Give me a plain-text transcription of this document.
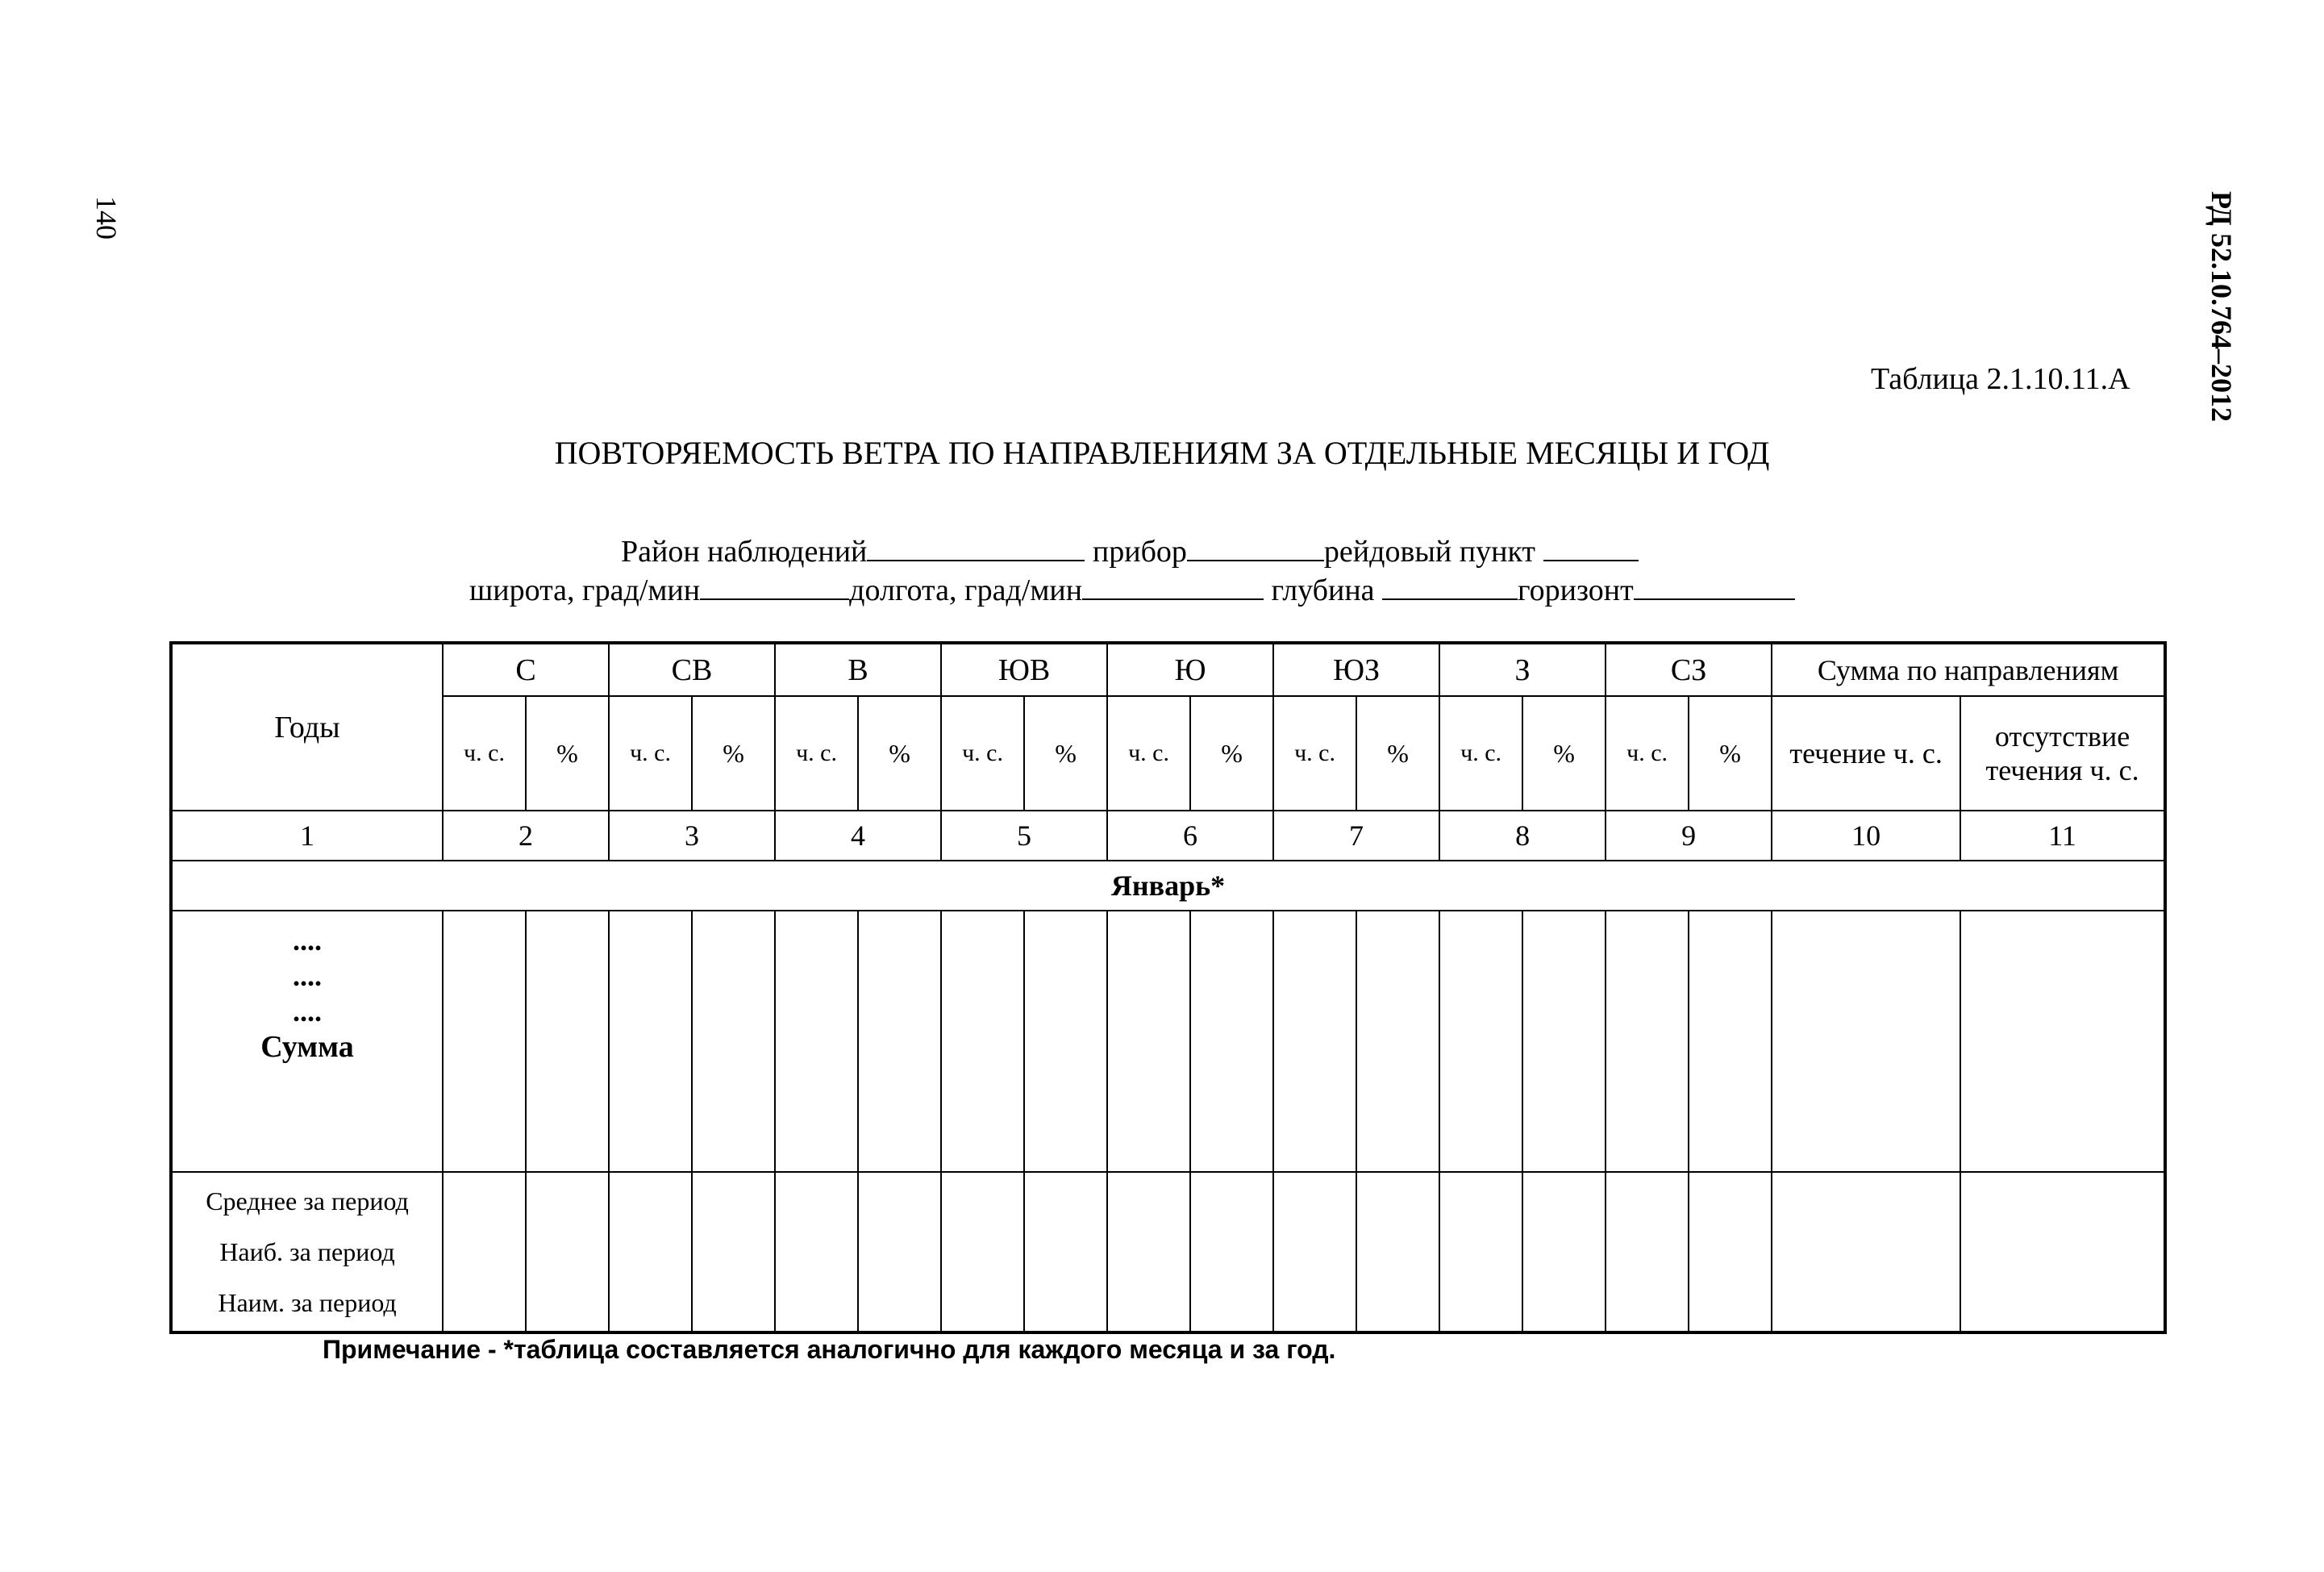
140	РД 52.10.764–2012
Таблица 2.1.10.11.А
ПОВТОРЯЕМОСТЬ ВЕТРА ПО НАПРАВЛЕНИЯМ ЗА ОТДЕЛЬНЫЕ МЕСЯЦЫ И ГОД
Район наблюдений	прибор	рейдовый пункт
широта, град/мин	долгота, град/мин	глубина	горизонт
Годы	С		СВ		В		ЮВ		Ю		ЮЗ		З		СЗ		Сумма по направлениям	
	ч. с.	%	ч. с.	%	ч. с.	%	ч. с.	%	ч. с.	%	ч. с.	%	ч. с.	%	ч. с.	%	течение ч. с.	отсутствие течения ч. с.
1	2		3		4		5		6		7		8		9		10	11
Январь*																		

....
....
....
Сумма																		

Среднее за период
Наиб. за период
Наим. за период																		

Примечание - *таблица составляется аналогично для каждого месяца и за год.
